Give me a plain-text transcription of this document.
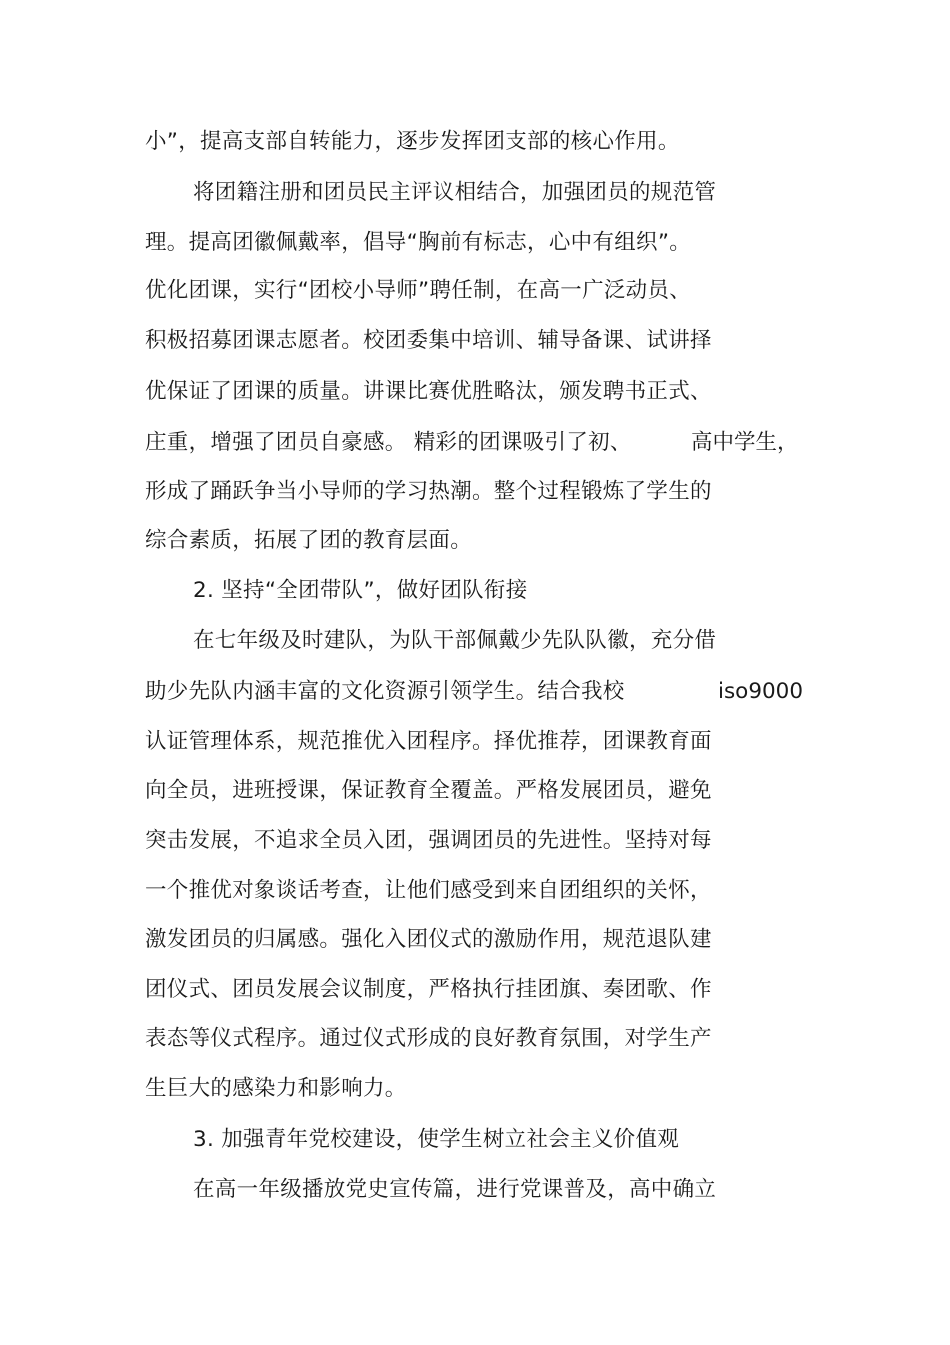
小”，提高支部自转能力，逐步发挥团支部的核心作用。
将团籍注册和团员民主评议相结合，加强团员的规范管
理。提高团徽佩戴率，倡导“胸前有标志，心中有组织”。
优化团课，实行“团校小导师”聘任制，在高一广泛动员、
积极招募团课志愿者。校团委集中培训、辅导备课、试讲择
优保证了团课的质量。讲课比赛优胜略汰，颁发聘书正式、
庄重，增强了团员自豪感。 精彩的团课吸引了初、	高中学生，
形成了踊跃争当小导师的学习热潮。整个过程锻炼了学生的
综合素质，拓展了团的教育层面。
2. 坚持“全团带队”，做好团队衔接
在七年级及时建队，为队干部佩戴少先队队徽，充分借
助少先队内涵丰富的文化资源引领学生。结合我校	iso9000
认证管理体系，规范推优入团程序。择优推荐，团课教育面
向全员，进班授课，保证教育全覆盖。严格发展团员，避免
突击发展，不追求全员入团，强调团员的先进性。坚持对每
一个推优对象谈话考查，让他们感受到来自团组织的关怀，
激发团员的归属感。强化入团仪式的激励作用，规范退队建
团仪式、团员发展会议制度，严格执行挂团旗、奏团歌、作
表态等仪式程序。通过仪式形成的良好教育氛围，对学生产
生巨大的感染力和影响力。
3. 加强青年党校建设，使学生树立社会主义价值观
在高一年级播放党史宣传篇，进行党课普及，高中确立
